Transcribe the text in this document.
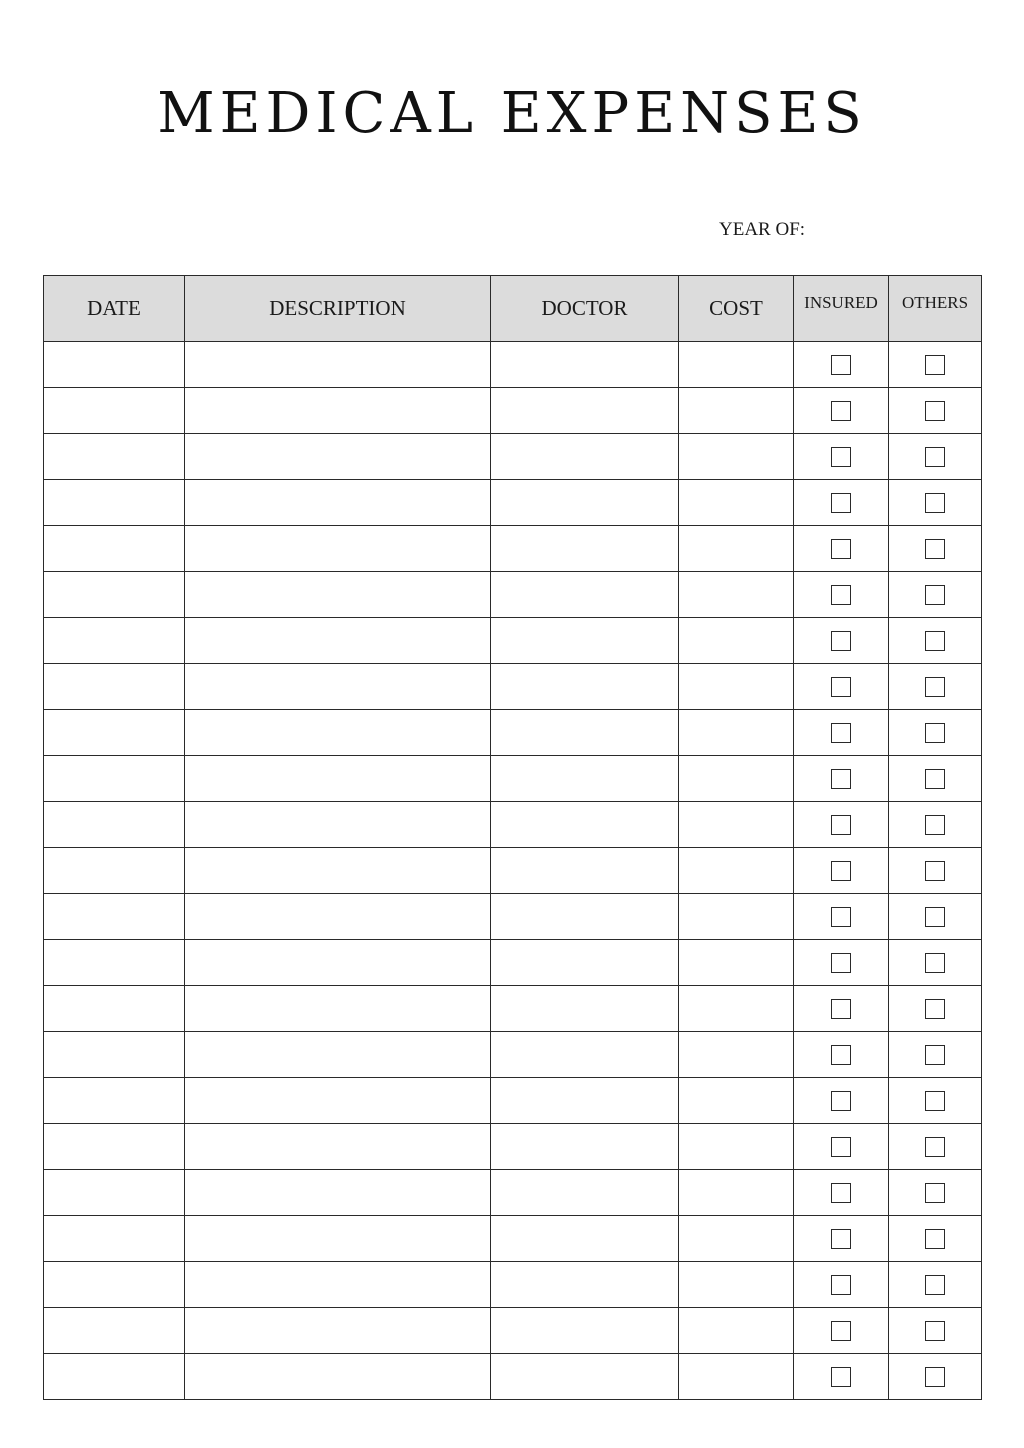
MEDICAL EXPENSES
YEAR OF:
DATE	DESCRIPTION	DOCTOR	COST	INSURED	OTHERS
